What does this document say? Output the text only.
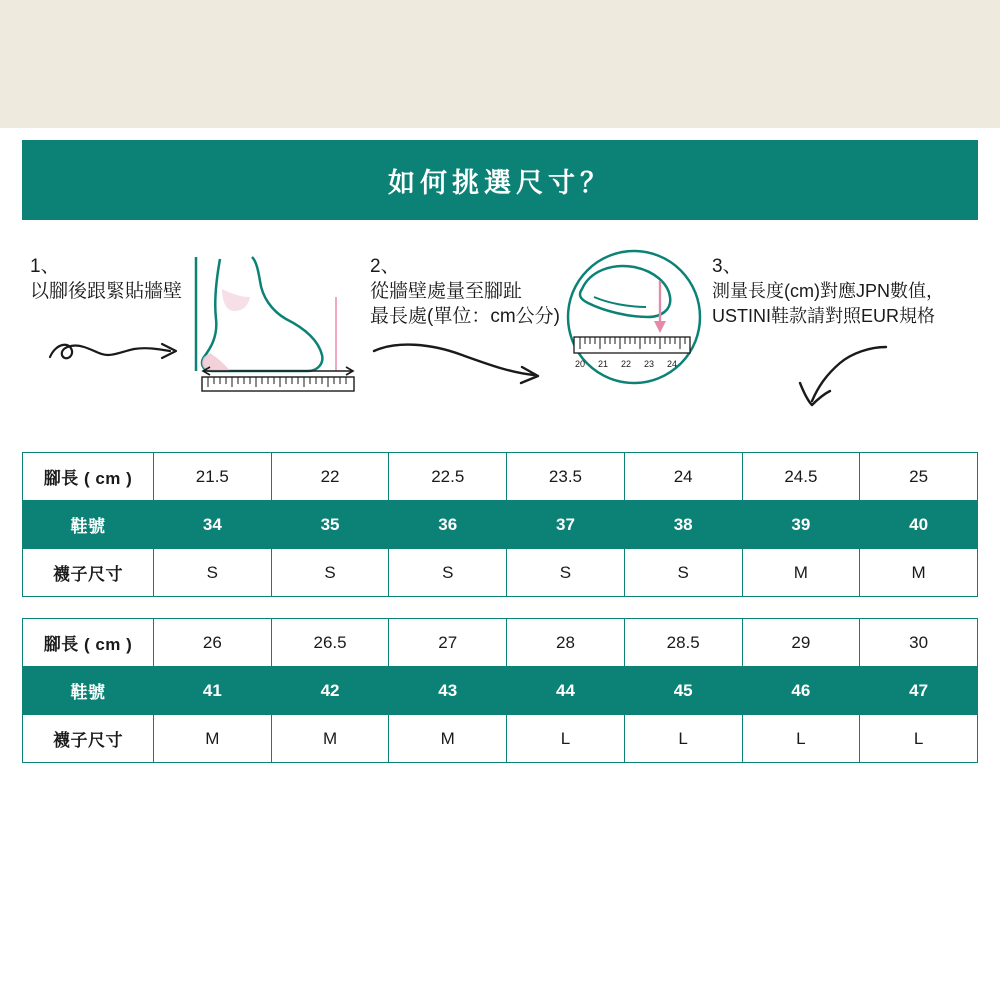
如何挑選尺寸？
1、
以腳後跟緊貼牆壁
2、
從牆壁處量至腳趾
最長處(單位：cm公分)
20 21 22 23 24
3、
測量長度(cm)對應JPN數值，
USTINI鞋款請對照EUR規格
腳長 ( cm )	21.5	22	22.5	23.5	24	24.5	25
鞋號	34	35	36	37	38	39	40
襪子尺寸	S	S	S	S	S	M	M
腳長 ( cm )	26	26.5	27	28	28.5	29	30
鞋號	41	42	43	44	45	46	47
襪子尺寸	M	M	M	L	L	L	L
